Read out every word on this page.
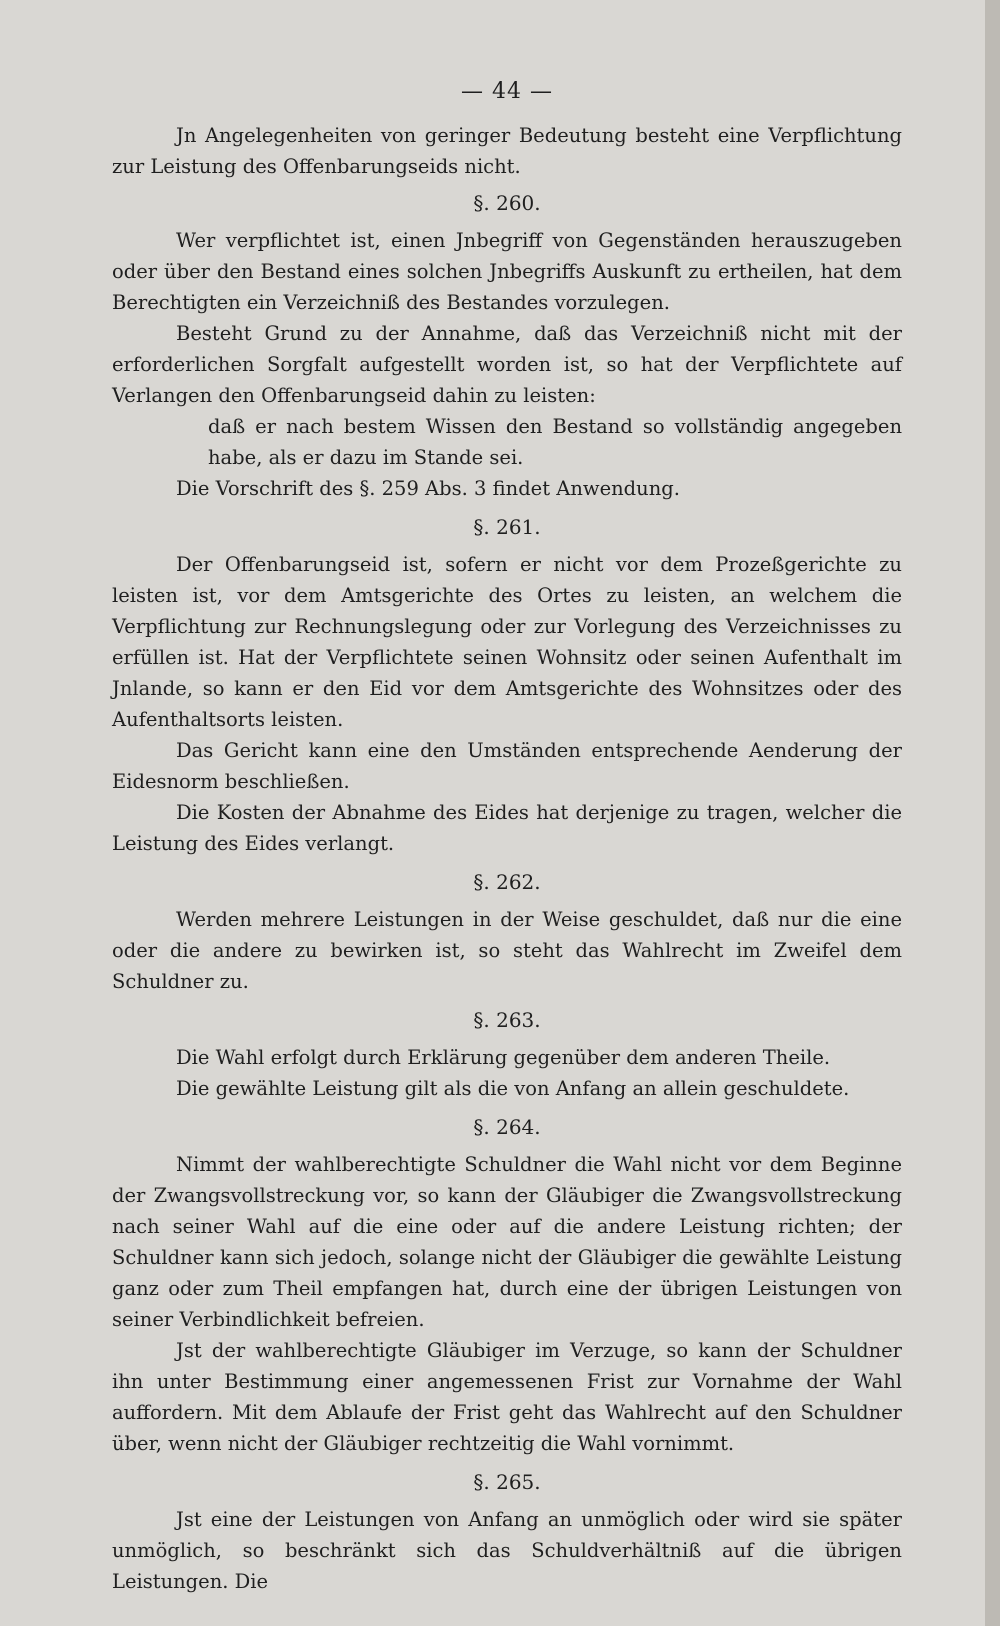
— 44 —

Jn Angelegenheiten von geringer Bedeutung besteht eine Verpflichtung zur Leistung des Offenbarungseids nicht.

§. 260.

Wer verpflichtet ist, einen Jnbegriff von Gegenständen herauszugeben oder über den Bestand eines solchen Jnbegriffs Auskunft zu ertheilen, hat dem Berechtigten ein Verzeichniß des Bestandes vorzulegen.

Besteht Grund zu der Annahme, daß das Verzeichniß nicht mit der erforderlichen Sorgfalt aufgestellt worden ist, so hat der Verpflichtete auf Verlangen den Offenbarungseid dahin zu leisten:

daß er nach bestem Wissen den Bestand so vollständig angegeben habe, als er dazu im Stande sei.

Die Vorschrift des §. 259 Abs. 3 findet Anwendung.

§. 261.

Der Offenbarungseid ist, sofern er nicht vor dem Prozeßgerichte zu leisten ist, vor dem Amtsgerichte des Ortes zu leisten, an welchem die Verpflichtung zur Rechnungslegung oder zur Vorlegung des Verzeichnisses zu erfüllen ist. Hat der Verpflichtete seinen Wohnsitz oder seinen Aufenthalt im Jnlande, so kann er den Eid vor dem Amtsgerichte des Wohnsitzes oder des Aufenthaltsorts leisten.

Das Gericht kann eine den Umständen entsprechende Aenderung der Eidesnorm beschließen.

Die Kosten der Abnahme des Eides hat derjenige zu tragen, welcher die Leistung des Eides verlangt.

§. 262.

Werden mehrere Leistungen in der Weise geschuldet, daß nur die eine oder die andere zu bewirken ist, so steht das Wahlrecht im Zweifel dem Schuldner zu.

§. 263.

Die Wahl erfolgt durch Erklärung gegenüber dem anderen Theile.

Die gewählte Leistung gilt als die von Anfang an allein geschuldete.

§. 264.

Nimmt der wahlberechtigte Schuldner die Wahl nicht vor dem Beginne der Zwangsvollstreckung vor, so kann der Gläubiger die Zwangsvollstreckung nach seiner Wahl auf die eine oder auf die andere Leistung richten; der Schuldner kann sich jedoch, solange nicht der Gläubiger die gewählte Leistung ganz oder zum Theil empfangen hat, durch eine der übrigen Leistungen von seiner Verbindlichkeit befreien.

Jst der wahlberechtigte Gläubiger im Verzuge, so kann der Schuldner ihn unter Bestimmung einer angemessenen Frist zur Vornahme der Wahl auffordern. Mit dem Ablaufe der Frist geht das Wahlrecht auf den Schuldner über, wenn nicht der Gläubiger rechtzeitig die Wahl vornimmt.

§. 265.

Jst eine der Leistungen von Anfang an unmöglich oder wird sie später unmöglich, so beschränkt sich das Schuldverhältniß auf die übrigen Leistungen. Die
